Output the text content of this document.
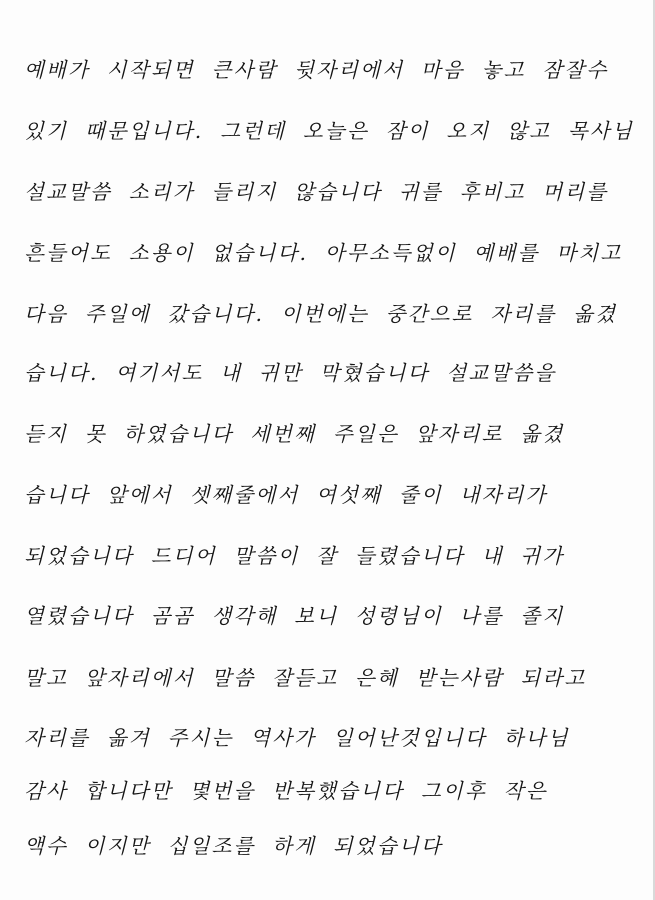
예배가 시작되면 큰사람 뒷자리에서 마음 놓고 잠잘수
있기 때문입니다. 그런데 오늘은 잠이 오지 않고 목사님
설교말씀 소리가 들리지 않습니다 귀를 후비고 머리를
흔들어도 소용이 없습니다. 아무소득없이 예배를 마치고
다음 주일에 갔습니다. 이번에는 중간으로 자리를 옮겼
습니다. 여기서도 내 귀만 막혔습니다 설교말씀을
듣지 못 하였습니다 세번째 주일은 앞자리로 옮겼
습니다 앞에서 셋째줄에서 여섯째 줄이 내자리가
되었습니다 드디어 말씀이 잘 들렸습니다 내 귀가
열렸습니다 곰곰 생각해 보니 성령님이 나를 졸지
말고 앞자리에서 말씀 잘듣고 은혜 받는사람 되라고
자리를 옮겨 주시는 역사가 일어난것입니다 하나님
감사 합니다만 몇번을 반복했습니다 그이후 작은
액수 이지만 십일조를 하게 되었습니다
